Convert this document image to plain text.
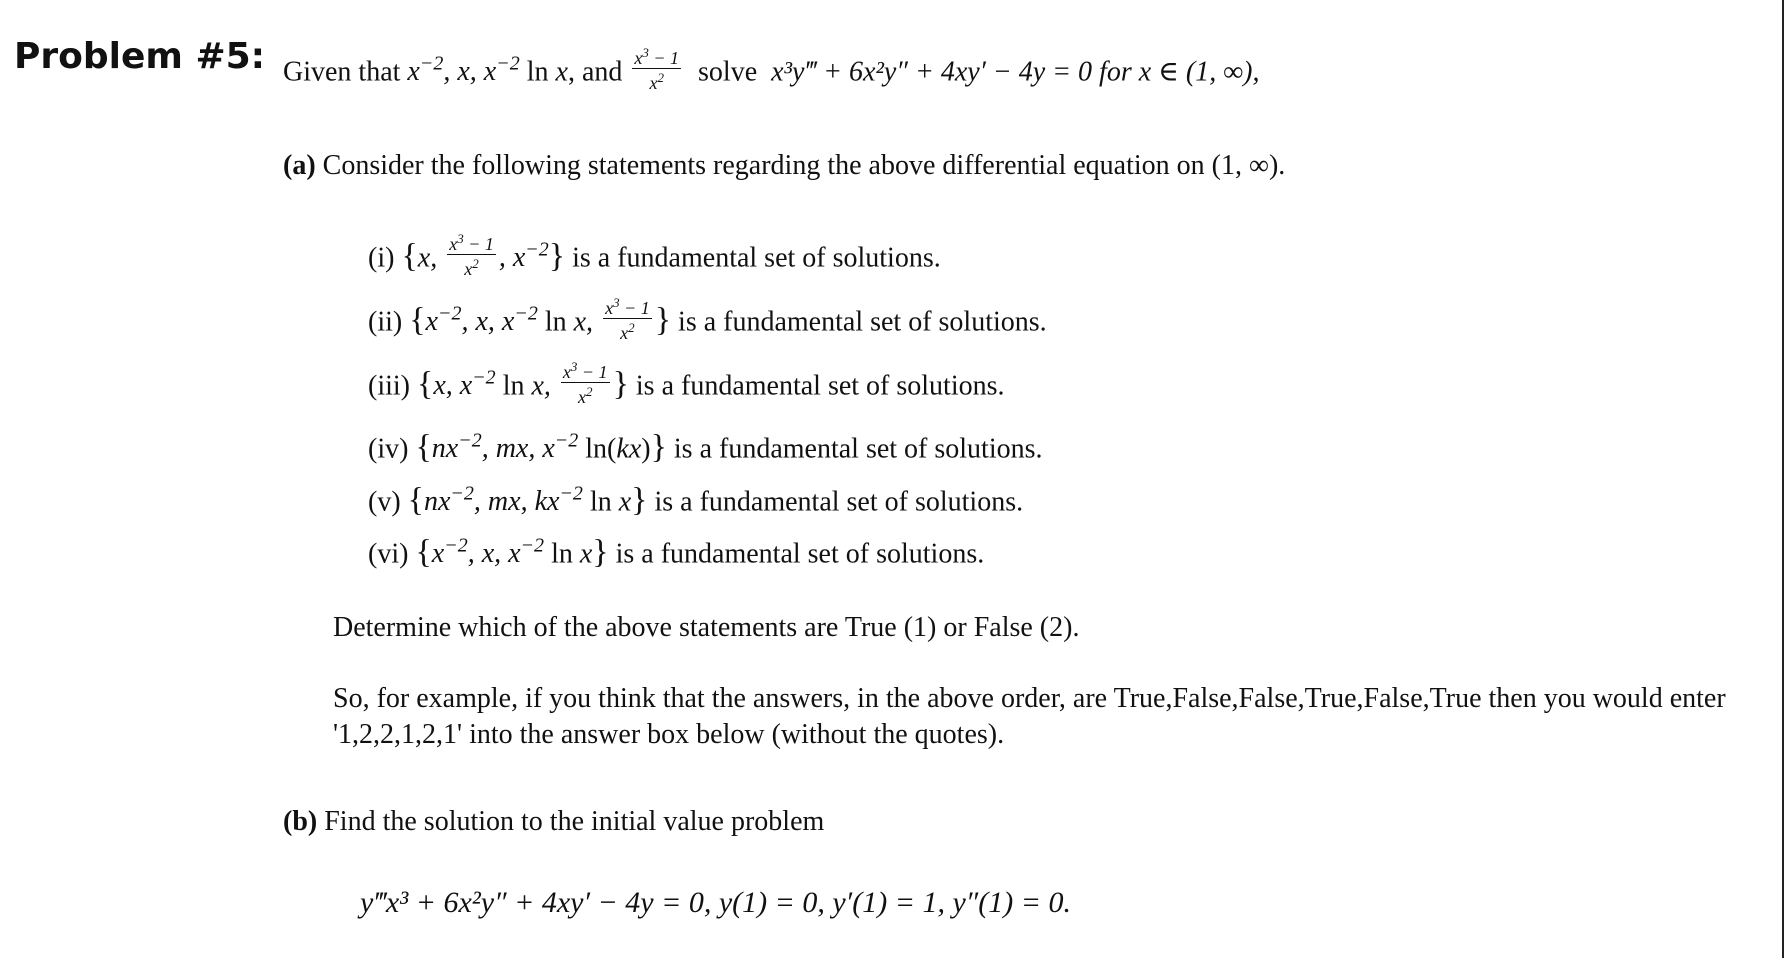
Problem #5: Given that $x^{-2}$, x, $x^{-2}$ ln x, and $\frac{x^3 - 1}{x^2}$ solve x³y‴ + 6x²y″ + 4xy′ − 4y = 0 for x ∈ (1, ∞),
(a) Consider the following statements regarding the above differential equation on (1, ∞).
(i) {x, $\frac{x^3 - 1}{x^2}$ , $x^{-2}$} is a fundamental set of solutions.
(ii) {$x^{-2}$, x, $x^{-2}$ ln x, $\frac{x^3 - 1}{x^2}$ } is a fundamental set of solutions.
(iii) {x, $x^{-2}$ ln x, $\frac{x^3 - 1}{x^2}$ } is a fundamental set of solutions.
(iv) {$nx^{-2}$, mx, $x^{-2}$ ln(kx)} is a fundamental set of solutions.
(v) {$nx^{-2}$, mx, $kx^{-2}$ ln x} is a fundamental set of solutions.
(vi) {$x^{-2}$, x, $x^{-2}$ ln x} is a fundamental set of solutions.
Determine which of the above statements are True (1) or False (2).
So, for example, if you think that the answers, in the above order, are True,False,False,True,False,True then you would enter '1,2,2,1,2,1' into the answer box below (without the quotes).
(b) Find the solution to the initial value problem
y‴x³ + 6x²y″ + 4xy′ − 4y = 0, y(1) = 0, y′(1) = 1, y″(1) = 0.
